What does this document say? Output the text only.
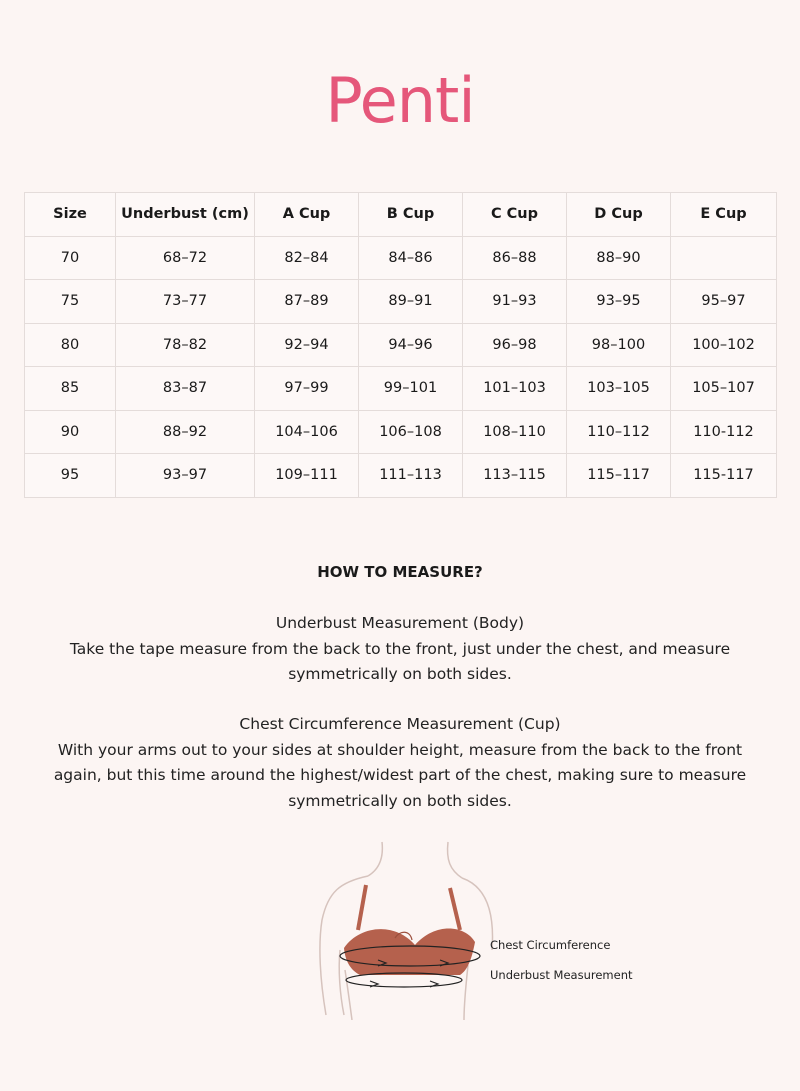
Penti
Size	Underbust (cm)	A Cup	B Cup	C Cup	D Cup	E Cup
70	68–72	82–84	84–86	86–88	88–90	
75	73–77	87–89	89–91	91–93	93–95	95–97
80	78–82	92–94	94–96	96–98	98–100	100–102
85	83–87	97–99	99–101	101–103	103–105	105–107
90	88–92	104–106	106–108	108–110	110–112	110-112
95	93–97	109–111	111–113	113–115	115–117	115-117
HOW TO MEASURE?

Underbust Measurement (Body)

Take the tape measure from the back to the front, just under the chest, and measure symmetrically on both sides.

Chest Circumference Measurement (Cup)

With your arms out to your sides at shoulder height, measure from the back to the front again, but this time around the highest/widest part of the chest, making sure to measure symmetrically on both sides.

Chest Circumference
Underbust Measurement
